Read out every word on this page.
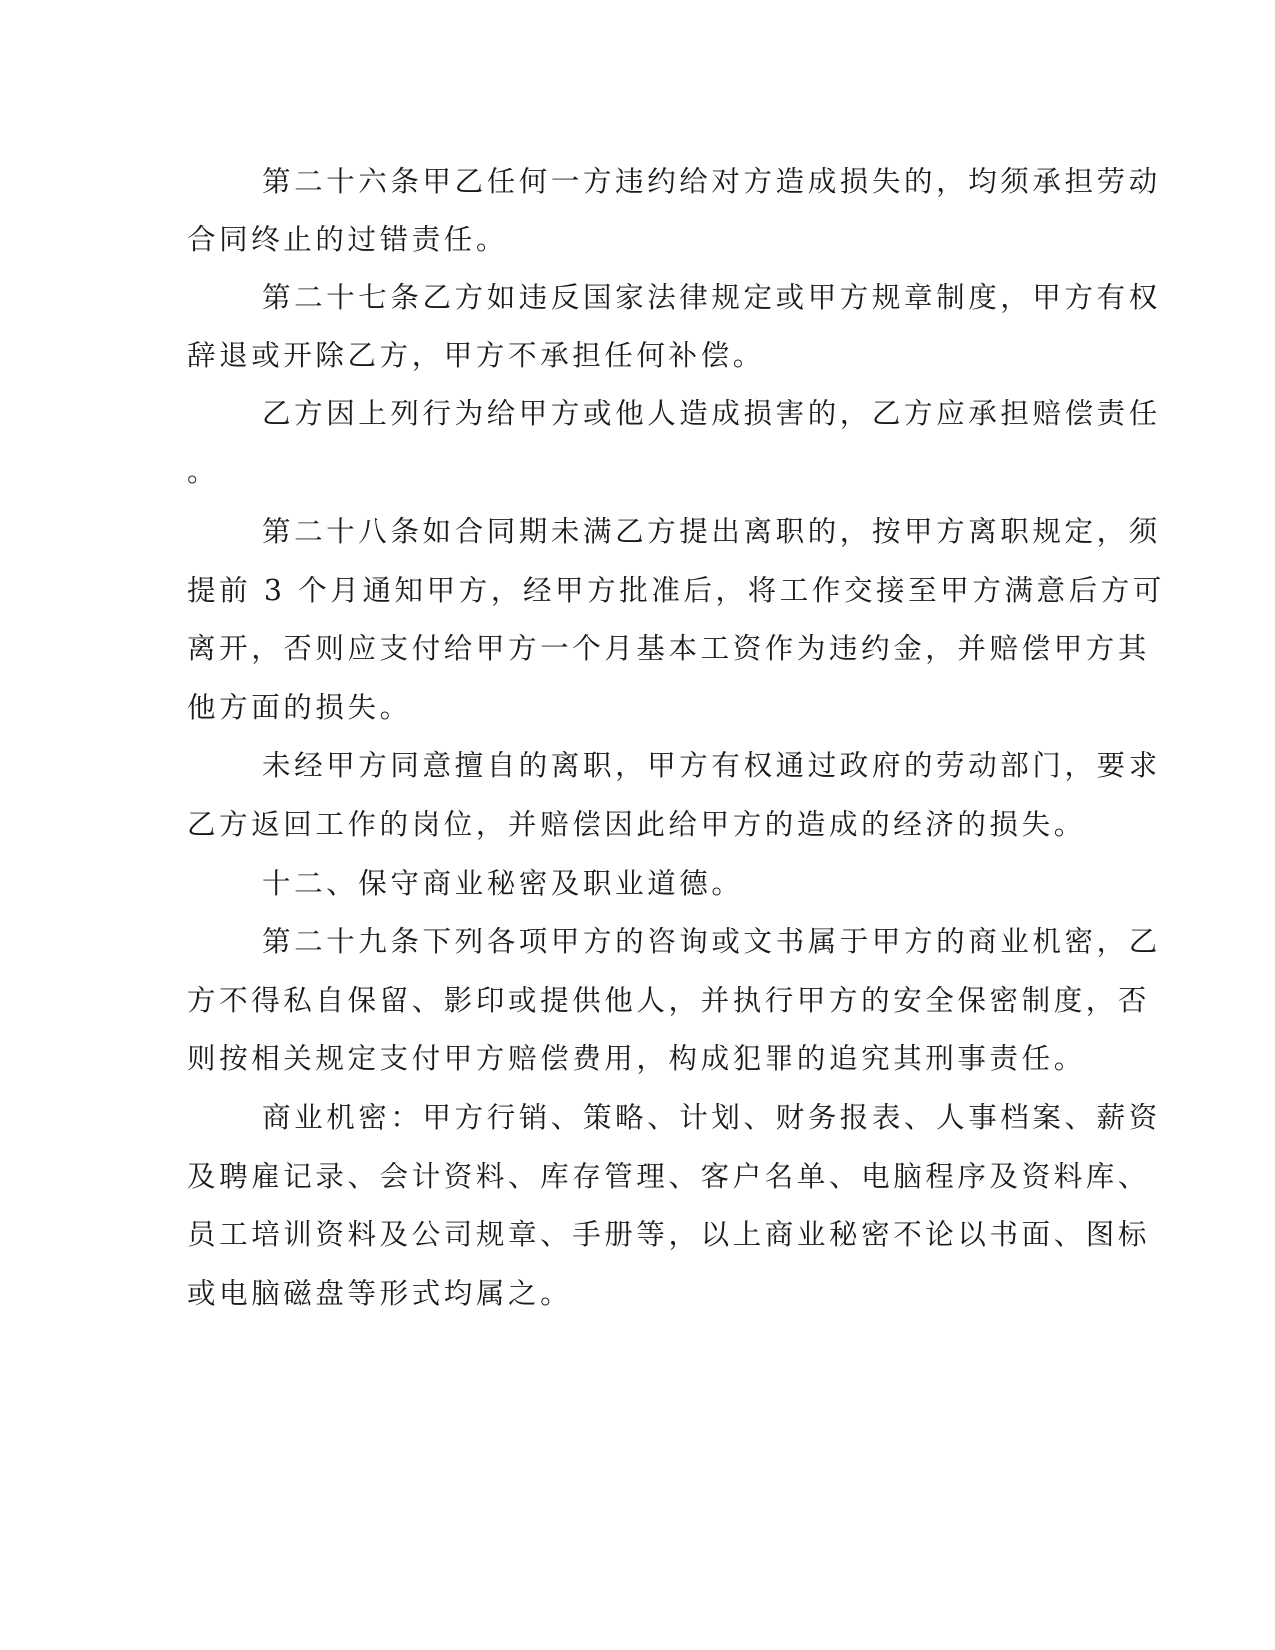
第二十六条甲乙任何一方违约给对方造成损失的，均须承担劳动
合同终止的过错责任。
第二十七条乙方如违反国家法律规定或甲方规章制度，甲方有权
辞退或开除乙方，甲方不承担任何补偿。
乙方因上列行为给甲方或他人造成损害的，乙方应承担赔偿责任
。
第二十八条如合同期未满乙方提出离职的，按甲方离职规定，须
提前 3 个月通知甲方，经甲方批准后，将工作交接至甲方满意后方可
离开，否则应支付给甲方一个月基本工资作为违约金，并赔偿甲方其
他方面的损失。
未经甲方同意擅自的离职，甲方有权通过政府的劳动部门，要求
乙方返回工作的岗位，并赔偿因此给甲方的造成的经济的损失。
十二、保守商业秘密及职业道德。
第二十九条下列各项甲方的咨询或文书属于甲方的商业机密，乙
方不得私自保留、影印或提供他人，并执行甲方的安全保密制度，否
则按相关规定支付甲方赔偿费用，构成犯罪的追究其刑事责任。
商业机密：甲方行销、策略、计划、财务报表、人事档案、薪资
及聘雇记录、会计资料、库存管理、客户名单、电脑程序及资料库、
员工培训资料及公司规章、手册等，以上商业秘密不论以书面、图标
或电脑磁盘等形式均属之。
